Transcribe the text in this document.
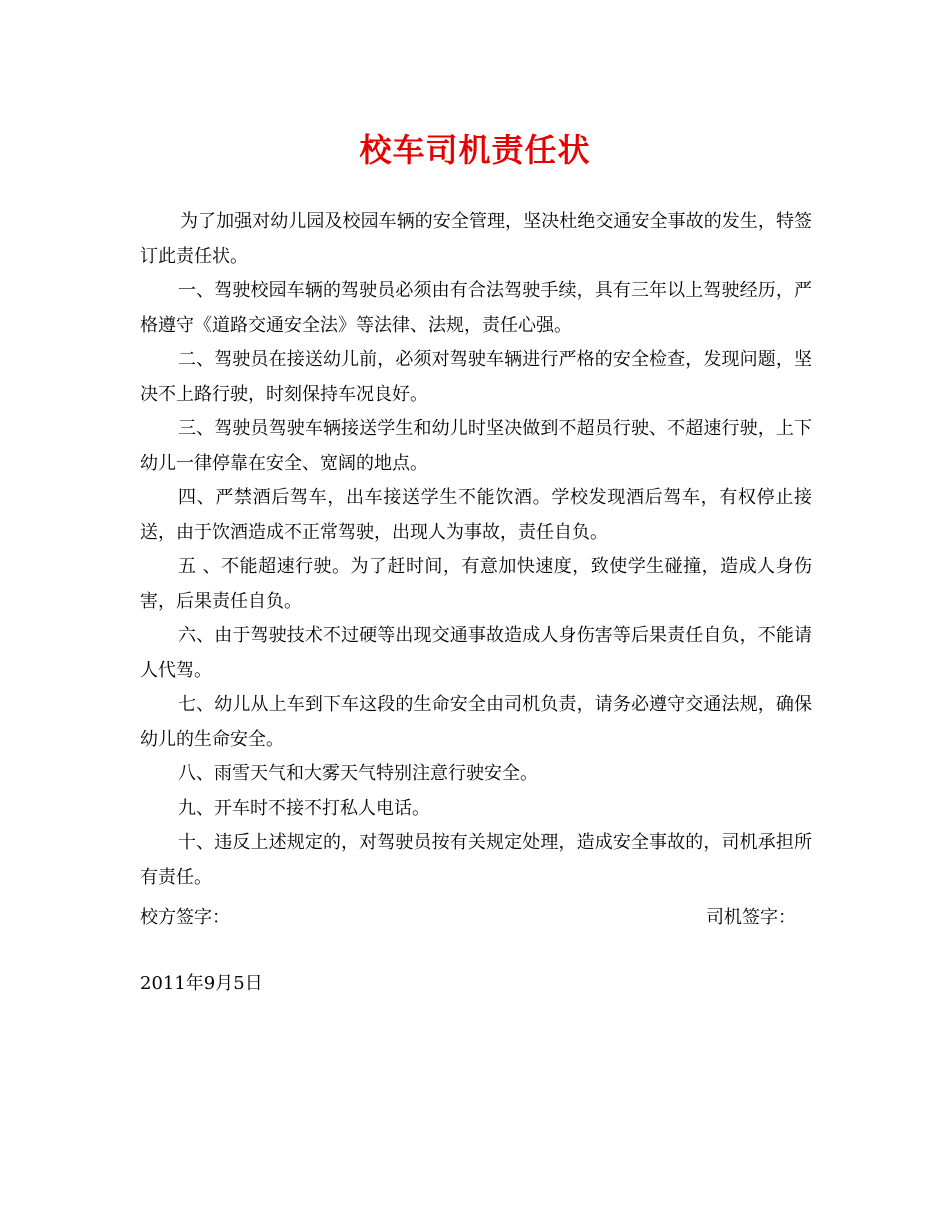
校车司机责任状

为了加强对幼儿园及校园车辆的安全管理，坚决杜绝交通安全事故的发生，特签订此责任状。

一、驾驶校园车辆的驾驶员必须由有合法驾驶手续，具有三年以上驾驶经历，严格遵守《道路交通安全法》等法律、法规，责任心强。

二、驾驶员在接送幼儿前，必须对驾驶车辆进行严格的安全检查，发现问题，坚决不上路行驶，时刻保持车况良好。

三、驾驶员驾驶车辆接送学生和幼儿时坚决做到不超员行驶、不超速行驶，上下幼儿一律停靠在安全、宽阔的地点。

四、严禁酒后驾车，出车接送学生不能饮酒。学校发现酒后驾车，有权停止接送，由于饮酒造成不正常驾驶，出现人为事故，责任自负。

五 、不能超速行驶。为了赶时间，有意加快速度，致使学生碰撞，造成人身伤害，后果责任自负。

六、由于驾驶技术不过硬等出现交通事故造成人身伤害等后果责任自负，不能请人代驾。

七、幼儿从上车到下车这段的生命安全由司机负责，请务必遵守交通法规，确保幼儿的生命安全。

八、雨雪天气和大雾天气特别注意行驶安全。

九、开车时不接不打私人电话。

十、违反上述规定的，对驾驶员按有关规定处理，造成安全事故的，司机承担所有责任。

校方签字：	司机签字：
2011年9月5日
